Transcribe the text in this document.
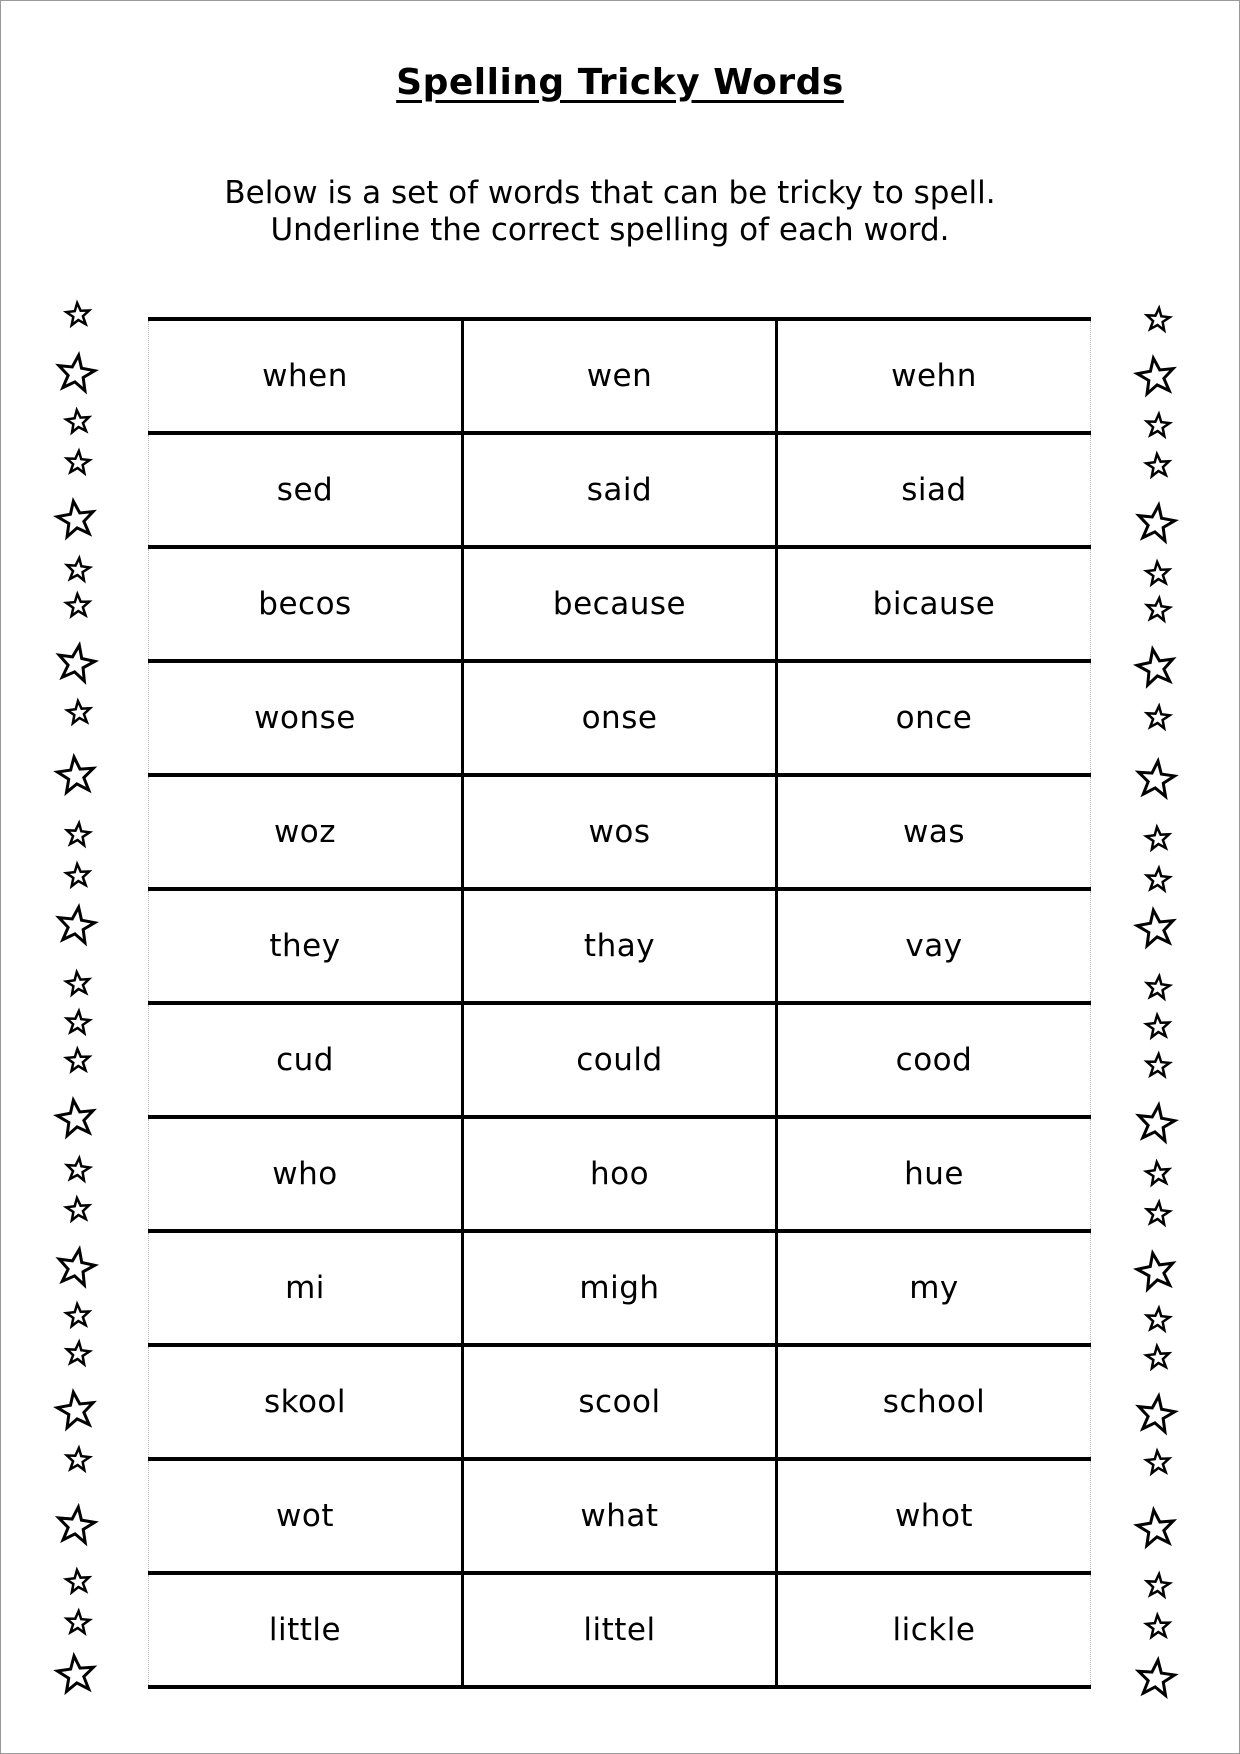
Spelling Tricky Words
Below is a set of words that can be tricky to spell.
Underline the correct spelling of each word.
when	wen	wehn
sed	said	siad
becos	because	bicause
wonse	onse	once
woz	wos	was
they	thay	vay
cud	could	cood
who	hoo	hue
mi	migh	my
skool	scool	school
wot	what	whot
little	littel	lickle
